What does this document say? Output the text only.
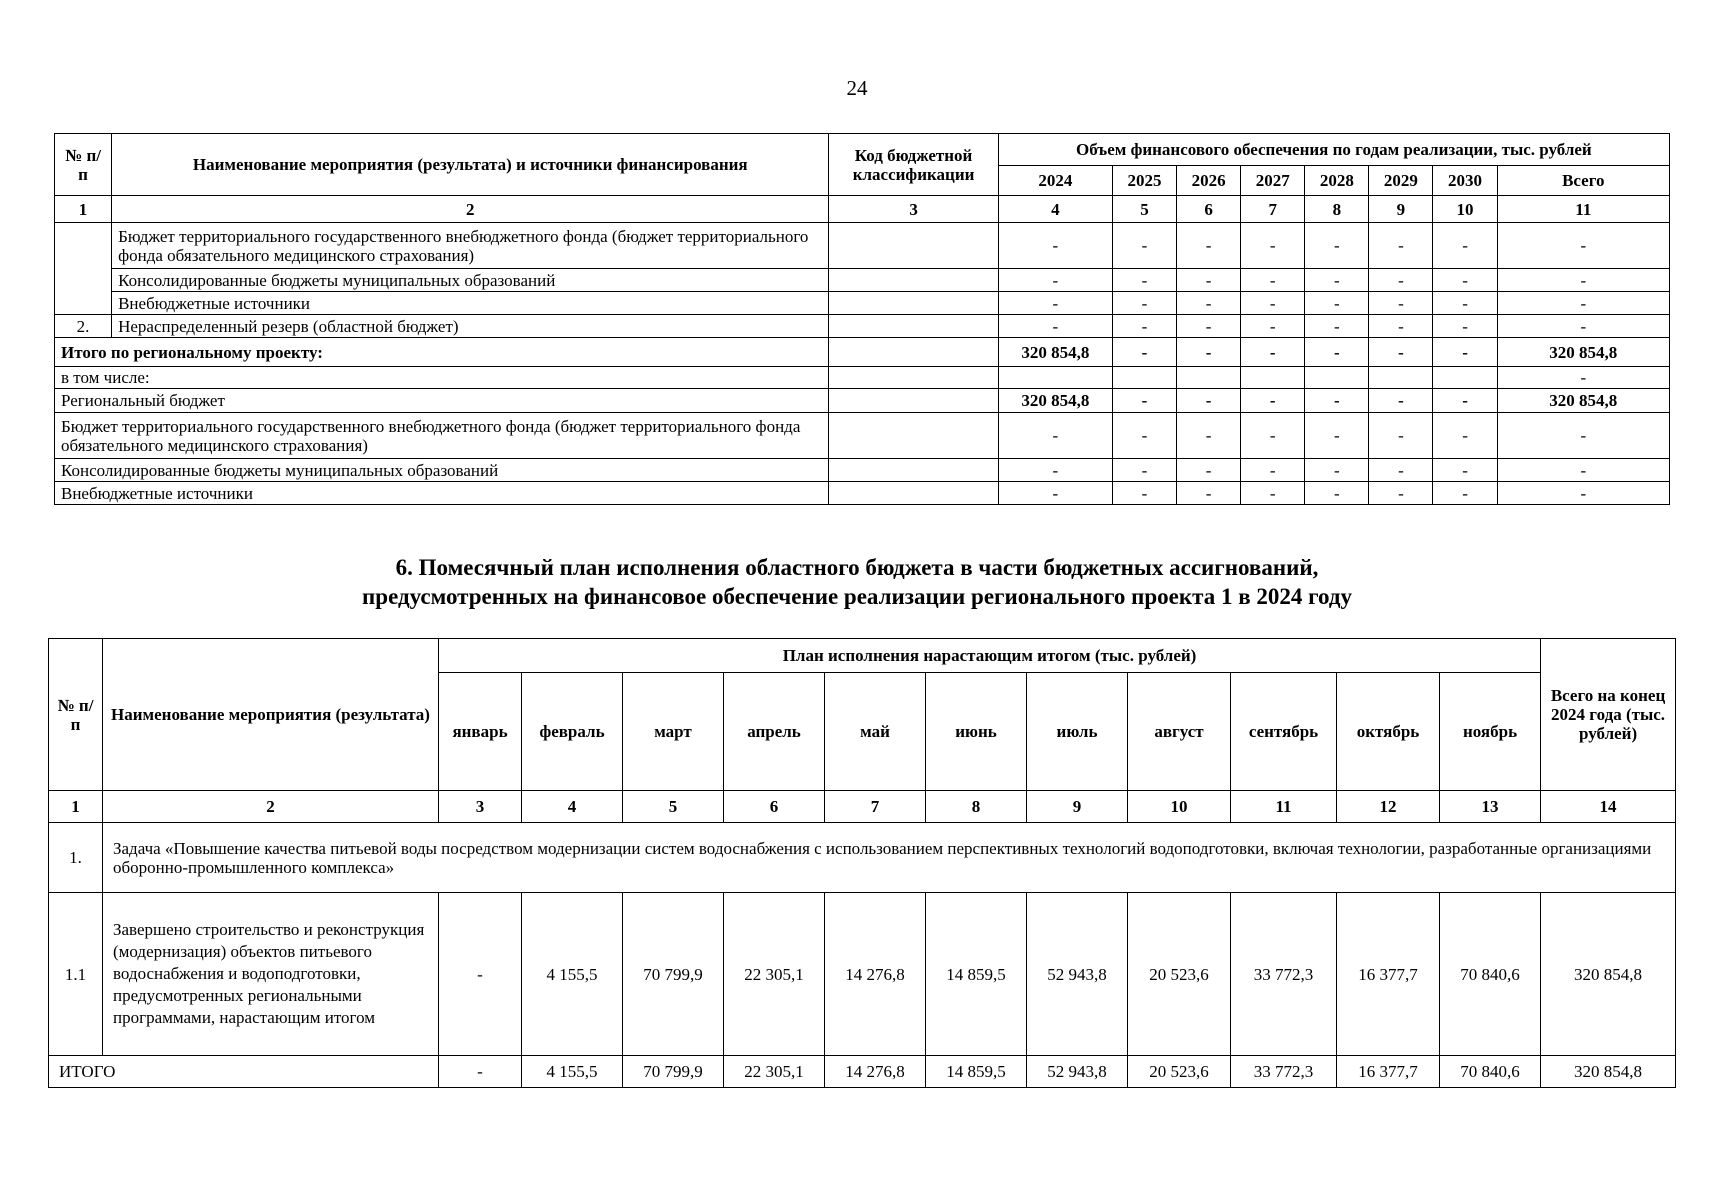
24
№ п/п	Наименование мероприятия (результата) и источники финансирования	Код бюджетной классификации	Объем финансового обеспечения по годам реализации, тыс. рублей							
			2024	2025	2026	2027	2028	2029	2030	Всего
1	2	3	4	5	6	7	8	9	10	11
	Бюджет территориального государственного внебюджетного фонда (бюджет территориального фонда обязательного медицинского страхования)		-	-	-	-	-	-	-	-
	Консолидированные бюджеты муниципальных образований		-	-	-	-	-	-	-	-
	Внебюджетные источники		-	-	-	-	-	-	-	-
2.	Нераспределенный резерв (областной бюджет)		-	-	-	-	-	-	-	-
Итого по региональному проекту:			320 854,8	-	-	-	-	-	-	320 854,8
в том числе:										-
Региональный бюджет			320 854,8	-	-	-	-	-	-	320 854,8
Бюджет территориального государственного внебюджетного фонда (бюджет территориального фонда обязательного медицинского страхования)			-	-	-	-	-	-	-	-
Консолидированные бюджеты муниципальных образований			-	-	-	-	-	-	-	-
Внебюджетные источники			-	-	-	-	-	-	-	-
6. Помесячный план исполнения областного бюджета в части бюджетных ассигнований,
предусмотренных на финансовое обеспечение реализации регионального проекта 1 в 2024 году
№ п/п	Наименование мероприятия (результата)	План исполнения нарастающим итогом (тыс. рублей)											Всего на конец 2024 года (тыс. рублей)
		январь	февраль	март	апрель	май	июнь	июль	август	сентябрь	октябрь	ноябрь	
1	2	3	4	5	6	7	8	9	10	11	12	13	14
1.	Задача «Повышение качества питьевой воды посредством модернизации систем водоснабжения с использованием перспективных технологий водоподготовки, включая технологии, разработанные организациями оборонно-промышленного комплекса»												
1.1	Завершено строительство и реконструкция (модернизация) объектов питьевого водоснабжения и водоподготовки, предусмотренных региональными программами, нарастающим итогом	-	4 155,5	70 799,9	22 305,1	14 276,8	14 859,5	52 943,8	20 523,6	33 772,3	16 377,7	70 840,6	320 854,8
ИТОГО		-	4 155,5	70 799,9	22 305,1	14 276,8	14 859,5	52 943,8	20 523,6	33 772,3	16 377,7	70 840,6	320 854,8
